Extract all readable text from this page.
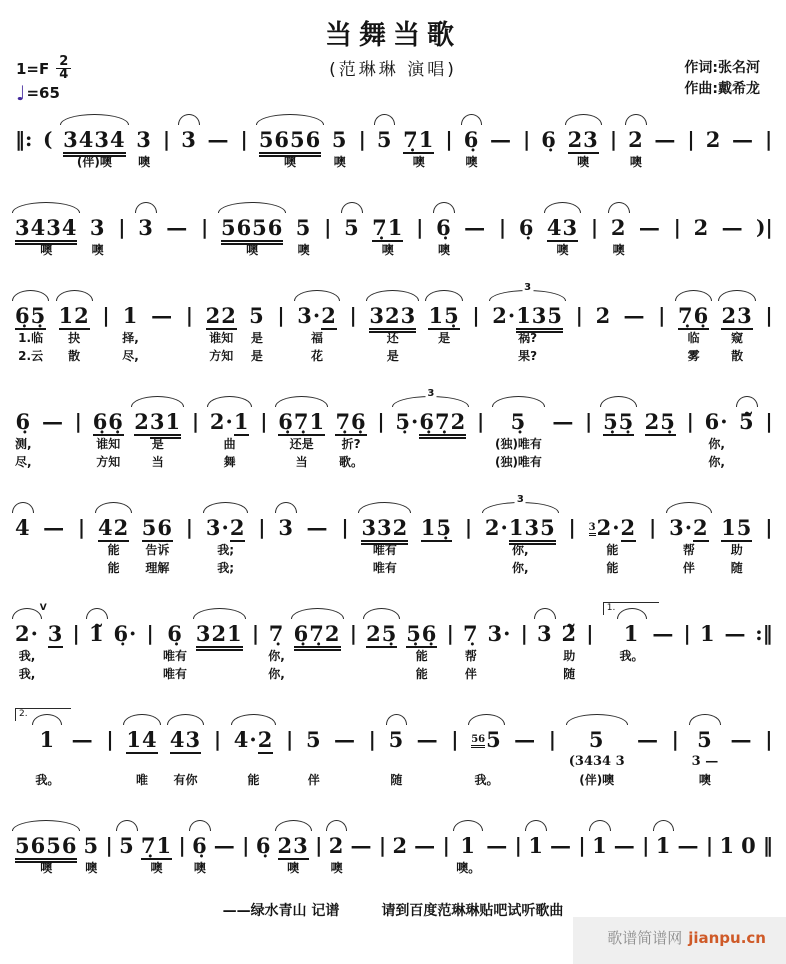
当舞当歌
(范琳琳 演唱)
$1=F \frac{2}{4}$
♩ =65
作词:张名河
作曲:戴希龙
‖: ( 3434
(伴)噢
3
噢
| 3 — | 5656
噢
5
噢
| 5 7̣1
噢
| 6̣
噢
— | 6̣ 23
噢
| 2
噢
— | 2 — |
3434
噢
3
噢
| 3 — | 5656
噢
5
噢
| 5 7̣1
噢
| 6̣
噢
— | 6̣ 43
噢
| 2
噢
— | 2 — )|
6̣5̣
1.临
2.云
12
抉
散
| 1
择,
尽,
— | 22
谁知
方知
5
是
是
| 3·2
福
花
| 323
还
是
15̣
是
|
3
2·135
祸?
果?
| 2 — | 7̣6̣
临
雾
23
窥
散
|
6̣
测,
尽,
— | 6̣6̣
谁知
方知
231
是
当
| 2·1
曲
舞
| 6̣7̣1
还是
当
7̣6̣
折?
歌。
|
3
5̣·6̣7̣2 | 5̣
(独)唯有
(独)唯有
— | 5̣5̣ 25̣ | 6·
你,
你,
5̃ |
4 — | 42
能
能
56
告诉
理解
| 3·2
我;
我;
| 3 — | 332
唯有
唯有
15̣ |
3
2·135
你,
你,
| $^3$2·2
能
能
| 3·2
帮
伴
15
助
随
|
2·
我,
我,
V
3 | 1̃ 6̣· | 6̣
唯有
唯有
321 | 7̣
你,
你,
6̣7̣2 | 25̣ 5̣6̣
能
能
| 7̣
帮
伴
3· | 3 2̃
助
随
|
1.
1
我。
— | 1 — :‖
2.
1
我。
— | 14
唯
43
有你
| 4·2
能
| 5
伴
— | 5
随
— | $^{56}$5
我。
— | 5
(3434 3
(伴)噢
— | 5
3 —
噢
— |
5656
噢
5
噢
| 5 7̣1
噢
| 6̣
噢
— | 6̣ 23
噢
| 2
噢
— | 2 — | 1
噢。
— | 1 — | 1 — | 1 — | 1 0 ‖
——绿水青山 记谱	请到百度范琳琳贴吧试听歌曲
歌谱简谱网 jianpu.cn
